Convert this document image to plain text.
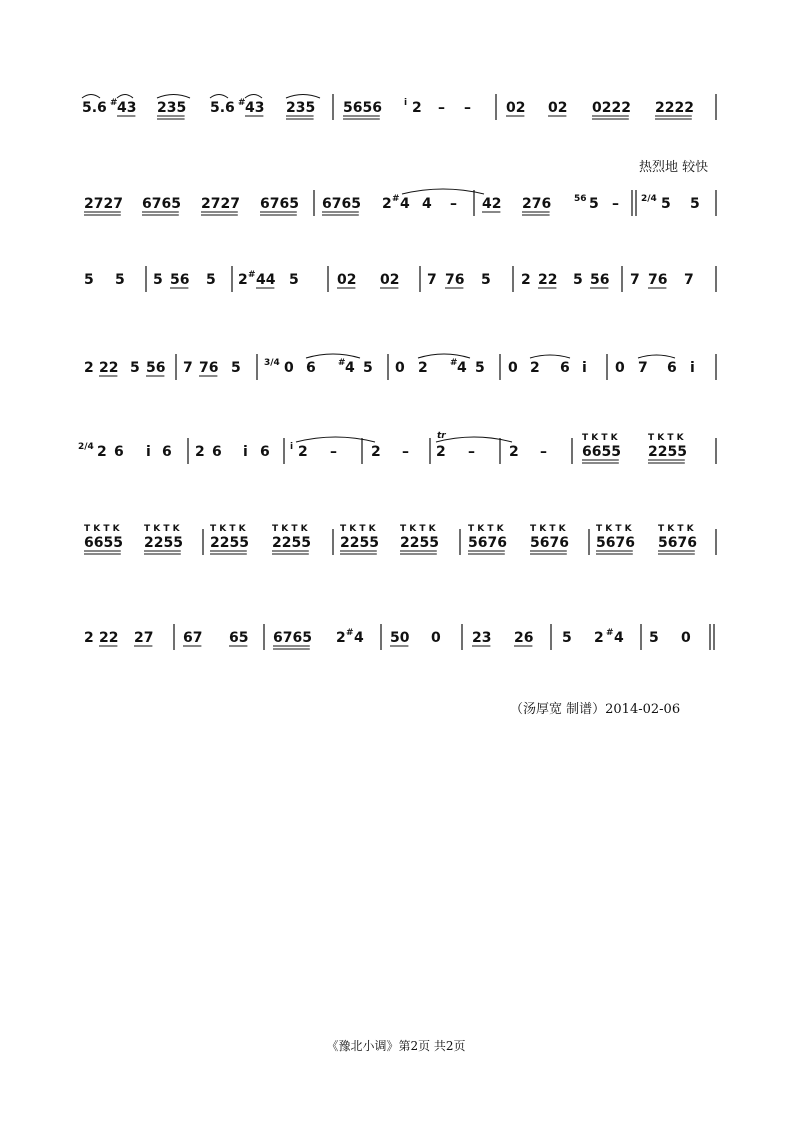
5.6 # 43 235 5.6 # 43 235 5656 i 2 – –	02 02 0222 2222
热烈地 较快
2727 6765 2727 6765 6765 2 # 4 4 – 42 276	56 5 – 2/4 5 5
5 5 5 56 5 2 # 44 5	02 02 7 76 5 2 22 5 56 7 76 7
2 22 5 56 7 76 5	3/4 0 6 # 4 5 0 2 # 4 5 0 2 6 i 0 7 6 i
T K T K	T K T K
tr
2/4 2 6 i 6 2 6 i 6 i 2 – 2 – 2 – 2 –	6655 2255
T K T K	T K T K	T K T K	T K T K	T K T K	T K T K	T K T K	T K T K	T K T K	T K T K
6655 2255 2255 2255 2255 2255 5676 5676 5676 5676
2 22 27 67 65 6765 2 # 4 50 0 23 26 5 2 # 4 5 0
（汤厚宽 制谱）2014-02-06
《豫北小调》第2页 共2页
